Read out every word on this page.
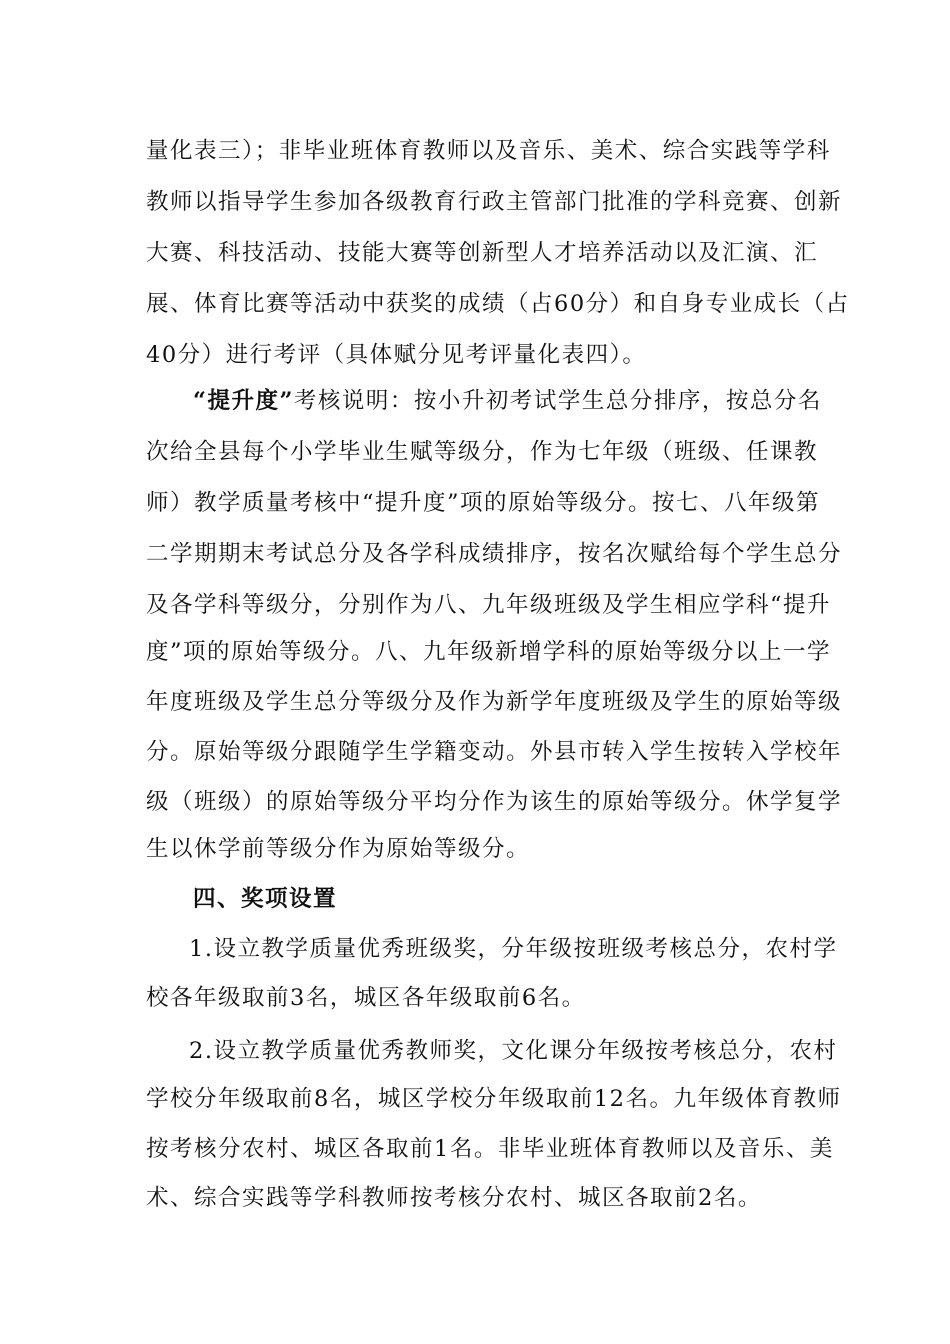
量化表三）；非毕业班体育教师以及音乐、美术、综合实践等学科
教师以指导学生参加各级教育行政主管部门批准的学科竞赛、创新
大赛、科技活动、技能大赛等创新型人才培养活动以及汇演、汇
展、体育比赛等活动中获奖的成绩（占60分）和自身专业成长（占
40分）进行考评（具体赋分见考评量化表四）。
“提升度”考核说明：按小升初考试学生总分排序，按总分名
次给全县每个小学毕业生赋等级分，作为七年级（班级、任课教
师）教学质量考核中“提升度”项的原始等级分。按七、八年级第
二学期期末考试总分及各学科成绩排序，按名次赋给每个学生总分
及各学科等级分，分别作为八、九年级班级及学生相应学科“提升
度”项的原始等级分。八、九年级新增学科的原始等级分以上一学
年度班级及学生总分等级分及作为新学年度班级及学生的原始等级
分。原始等级分跟随学生学籍变动。外县市转入学生按转入学校年
级（班级）的原始等级分平均分作为该生的原始等级分。休学复学
生以休学前等级分作为原始等级分。
四、奖项设置
1.设立教学质量优秀班级奖，分年级按班级考核总分，农村学
校各年级取前3名，城区各年级取前6名。
2.设立教学质量优秀教师奖，文化课分年级按考核总分，农村
学校分年级取前8名，城区学校分年级取前12名。九年级体育教师
按考核分农村、城区各取前1名。非毕业班体育教师以及音乐、美
术、综合实践等学科教师按考核分农村、城区各取前2名。
